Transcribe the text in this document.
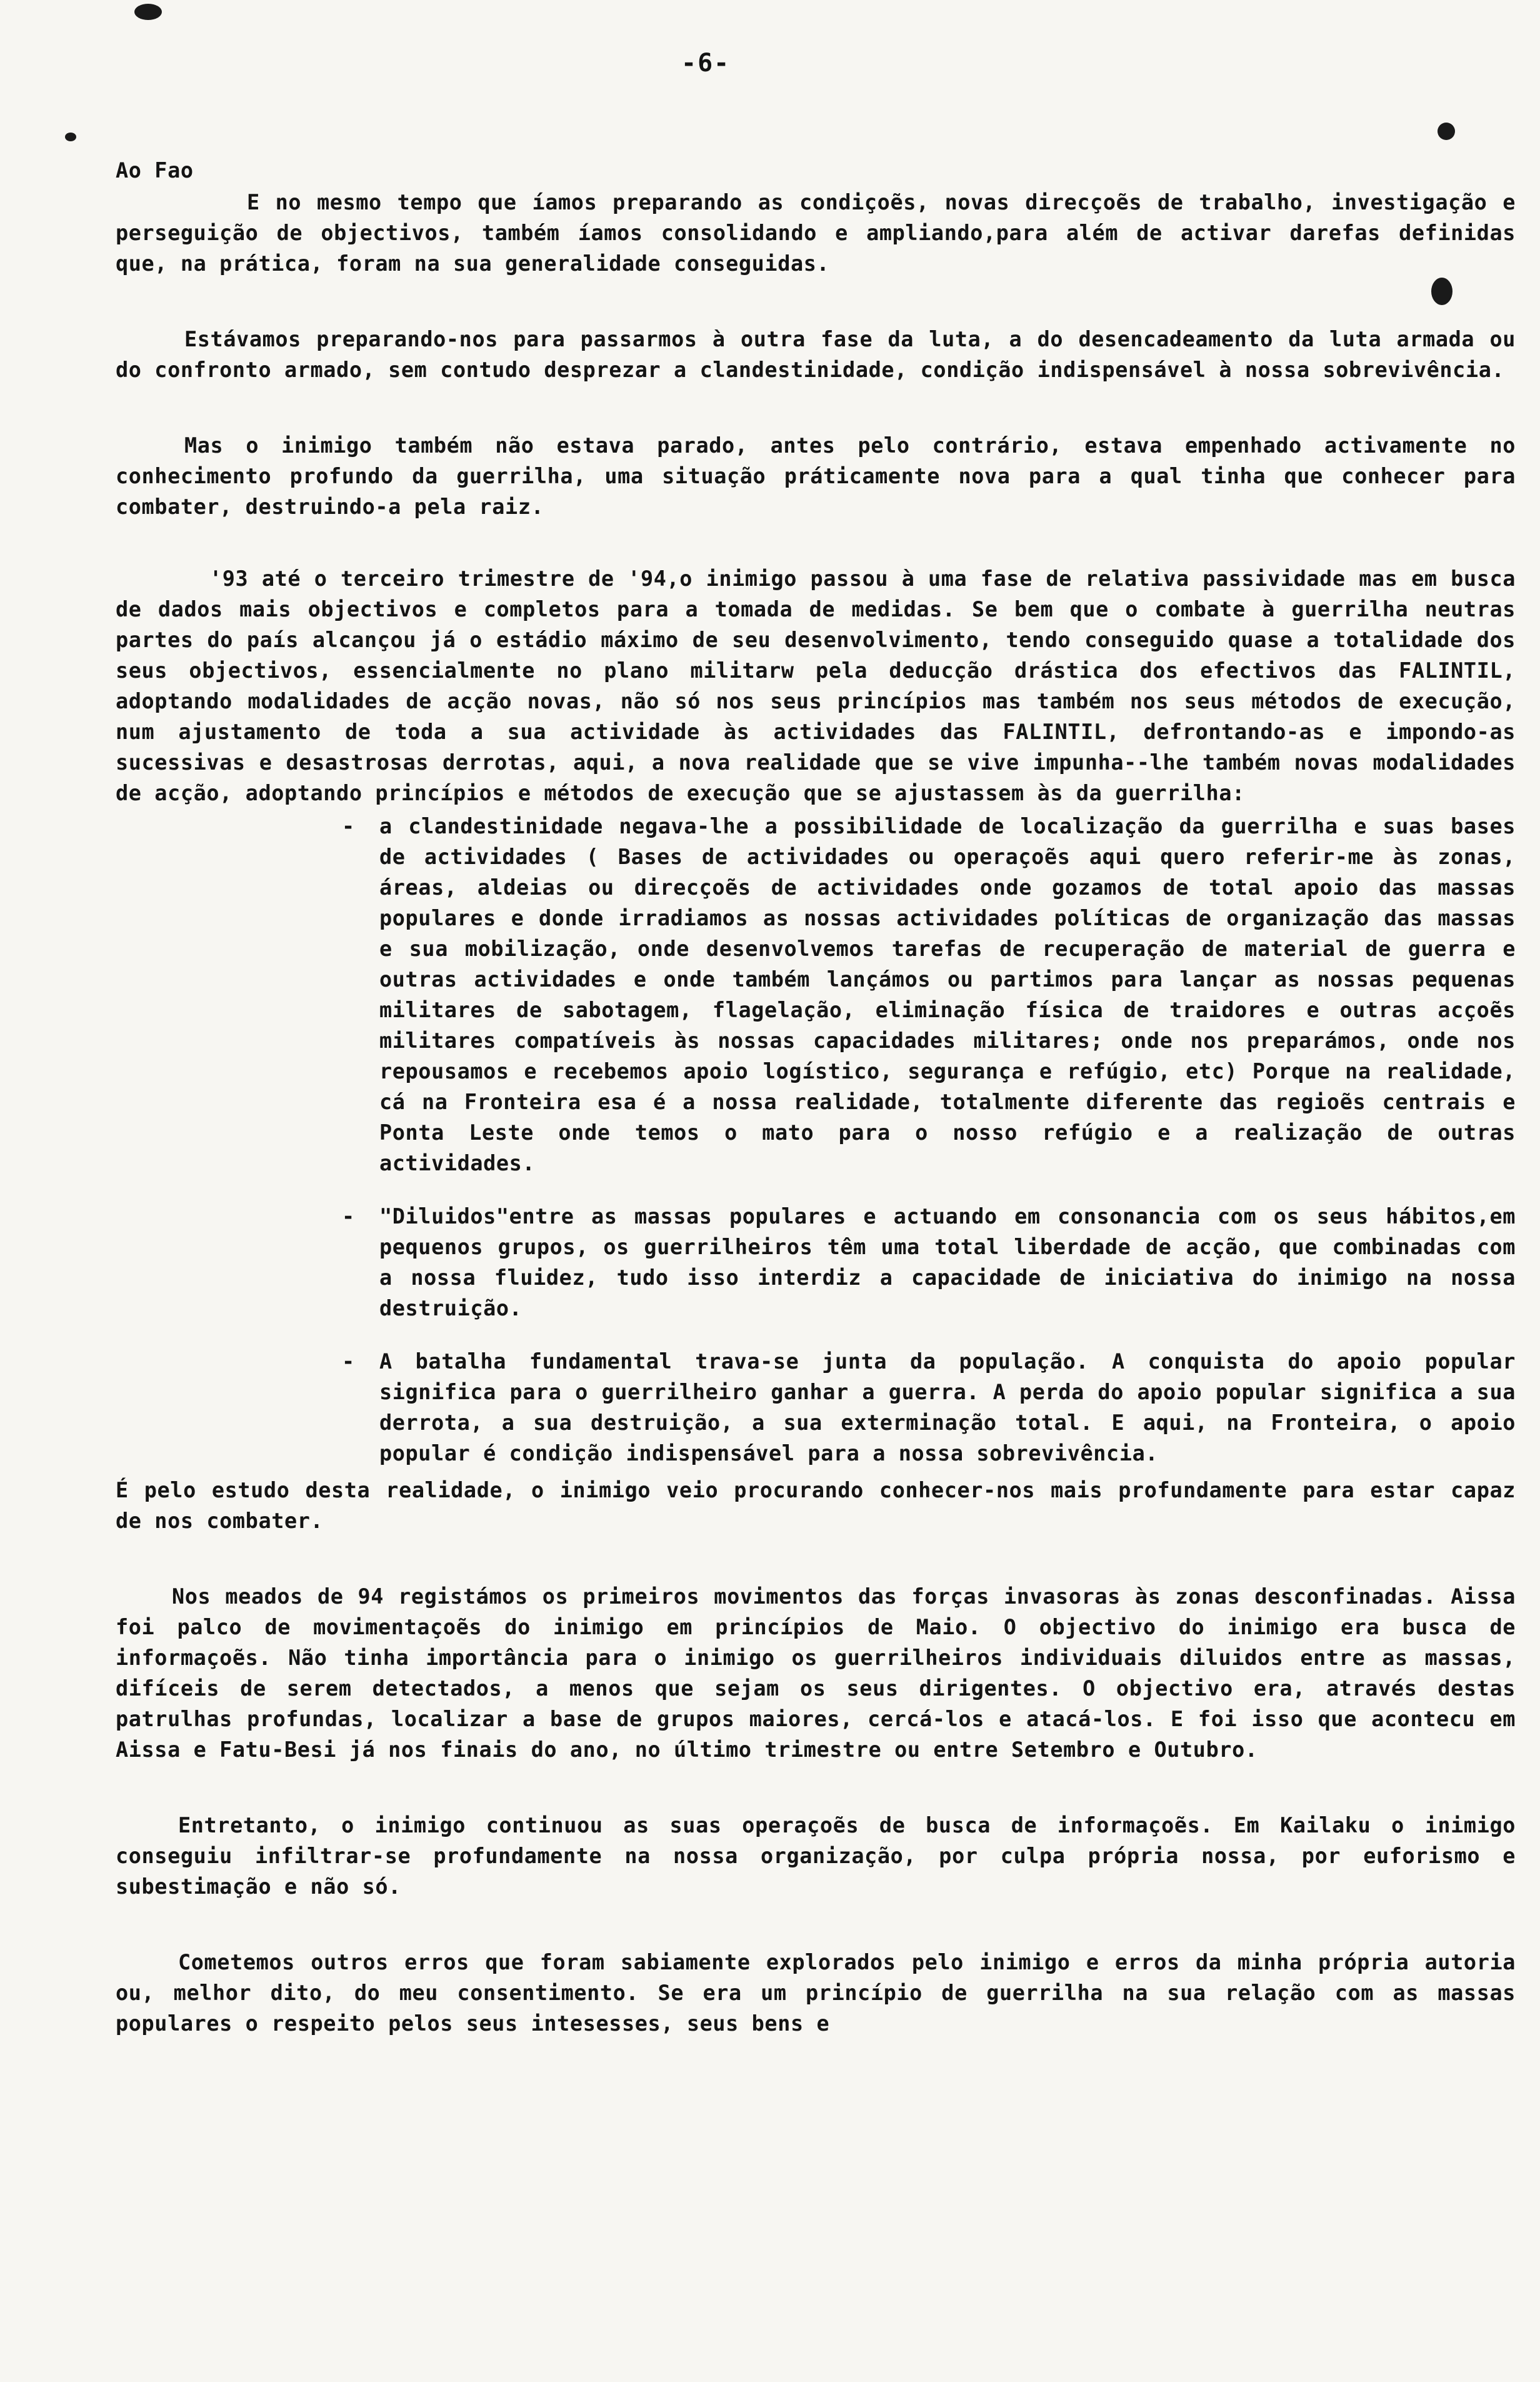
-6-

Ao Fao

E no mesmo tempo que íamos preparando as condiçoẽs, novas direcçoẽs de trabalho, investigação e perseguição de objectivos, também íamos consolidando e ampliando,para além de activar darefas definidas que, na prática, foram na sua generalidade conseguidas.

Estávamos preparando-nos para passarmos à outra fase da luta, a do desencadeamento da luta armada ou do confronto armado, sem contudo desprezar a clandestinidade, condição indispensável à nossa sobrevivência.

Mas o inimigo também não estava parado, antes pelo contrário, estava empenhado activamente no conhecimento profundo da guerrilha, uma situação práticamente nova para a qual tinha que conhecer para combater, destruindo-a pela raiz.

'93 até o terceiro trimestre de '94,o inimigo passou à uma fase de relativa passividade mas em busca de dados mais objectivos e completos para a tomada de medidas. Se bem que o combate à guerrilha neutras partes do país alcançou já o estádio máximo de seu desenvolvimento, tendo conseguido quase a totalidade dos seus objectivos, essencialmente no plano militarw pela deducção drástica dos efectivos das FALINTIL, adoptando modalidades de acção novas, não só nos seus princípios mas também nos seus métodos de execução, num ajustamento de toda a sua actividade às actividades das FALINTIL, defrontando-as e impondo-as sucessivas e desastrosas derrotas, aqui, a nova realidade que se vive impunha--lhe também novas modalidades de acção, adoptando princípios e métodos de execução que se ajustassem às da guerrilha:

-	a clandestinidade negava-lhe a possibilidade de localização da guerrilha e suas bases de actividades ( Bases de actividades ou operaçoẽs aqui quero referir-me às zonas, áreas, aldeias ou direcçoẽs de actividades onde gozamos de total apoio das massas populares e donde irradiamos as nossas actividades políticas de organização das massas e sua mobilização, onde desenvolvemos tarefas de recuperação de material de guerra e outras actividades e onde também lançámos ou partimos para lançar as nossas pequenas militares de sabotagem, flagelação, eliminação física de traidores e outras acçoẽs militares compatíveis às nossas capacidades militares; onde nos preparámos, onde nos repousamos e recebemos apoio logístico, segurança e refúgio, etc) Porque na realidade, cá na Fronteira esa é a nossa realidade, totalmente diferente das regioẽs centrais e Ponta Leste onde temos o mato para o nosso refúgio e a realização de outras actividades.
-	"Diluidos"entre as massas populares e actuando em consonancia com os seus hábitos,em pequenos grupos, os guerrilheiros têm uma total liberdade de acção, que combinadas com a nossa fluidez, tudo isso interdiz a capacidade de iniciativa do inimigo na nossa destruição.
-	A batalha fundamental trava-se junta da população. A conquista do apoio popular significa para o guerrilheiro ganhar a guerra. A perda do apoio popular significa a sua derrota, a sua destruição, a sua exterminação total. E aqui, na Fronteira, o apoio popular é condição indispensável para a nossa sobrevivência.

É pelo estudo desta realidade, o inimigo veio procurando conhecer-nos mais profundamente para estar capaz de nos combater.

Nos meados de 94 registámos os primeiros movimentos das forças invasoras às zonas desconfinadas. Aissa foi palco de movimentaçoẽs do inimigo em princípios de Maio. O objectivo do inimigo era busca de informaçoẽs. Não tinha importância para o inimigo os guerrilheiros individuais diluidos entre as massas, difíceis de serem detectados, a menos que sejam os seus dirigentes. O objectivo era, através destas patrulhas profundas, localizar a base de grupos maiores, cercá-los e atacá-los. E foi isso que acontecu em Aissa e Fatu-Besi já nos finais do ano, no último trimestre ou entre Setembro e Outubro.

Entretanto, o inimigo continuou as suas operaçoẽs de busca de informaçoẽs. Em Kailaku o inimigo conseguiu infiltrar-se profundamente na nossa organização, por culpa própria nossa, por euforismo e subestimação e não só.

Cometemos outros erros que foram sabiamente explorados pelo inimigo e erros da minha própria autoria ou, melhor dito, do meu consentimento. Se era um princípio de guerrilha na sua relação com as massas populares o respeito pelos seus intesesses, seus bens e
